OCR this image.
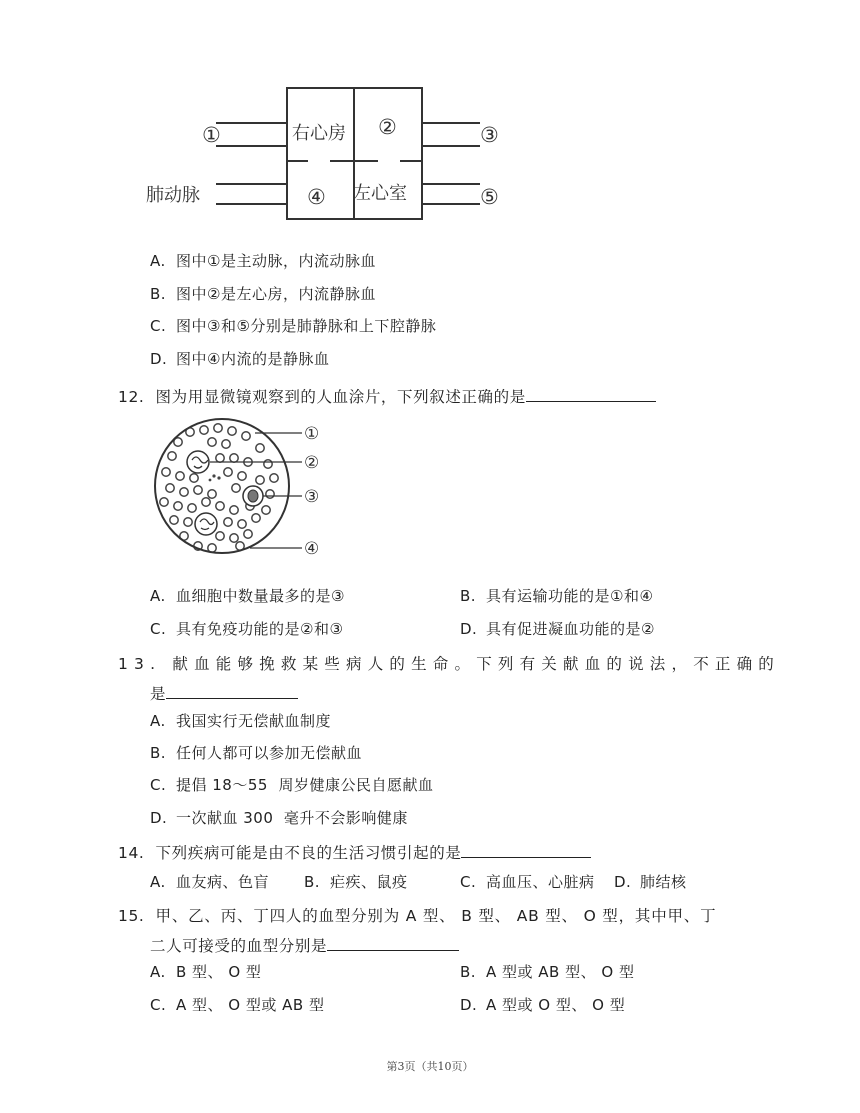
①	右心房 ②	③
肺动脉	④ 左心室	⑤
A. 图中①是主动脉，内流动脉血
B. 图中②是左心房，内流静脉血
C. 图中③和⑤分别是肺静脉和上下腔静脉
D. 图中④内流的是静脉血
12. 图为用显微镜观察到的人血涂片，下列叙述正确的是
①
②
③
④
A. 血细胞中数量最多的是③	B. 具有运输功能的是①和④
C. 具有免疫功能的是②和③	D. 具有促进凝血功能的是②
13. 献血能够挽救某些病人的生命。下列有关献血的说法，不正确的
是
A. 我国实行无偿献血制度
B. 任何人都可以参加无偿献血
C. 提倡 18～55  周岁健康公民自愿献血
D. 一次献血 300  毫升不会影响健康
14. 下列疾病可能是由不良的生活习惯引起的是
A. 血友病、色盲 B. 疟疾、鼠疫	C. 高血压、心脏病 D. 肺结核
15. 甲、乙、丙、丁四人的血型分别为 A 型、 B 型、 AB 型、 O 型，其中甲、丁
二人可接受的血型分别是
A. B 型、 O 型	B. A 型或 AB 型、 O 型
C. A 型、 O 型或 AB 型	D. A 型或 O 型、 O 型
第3页（共10页）
